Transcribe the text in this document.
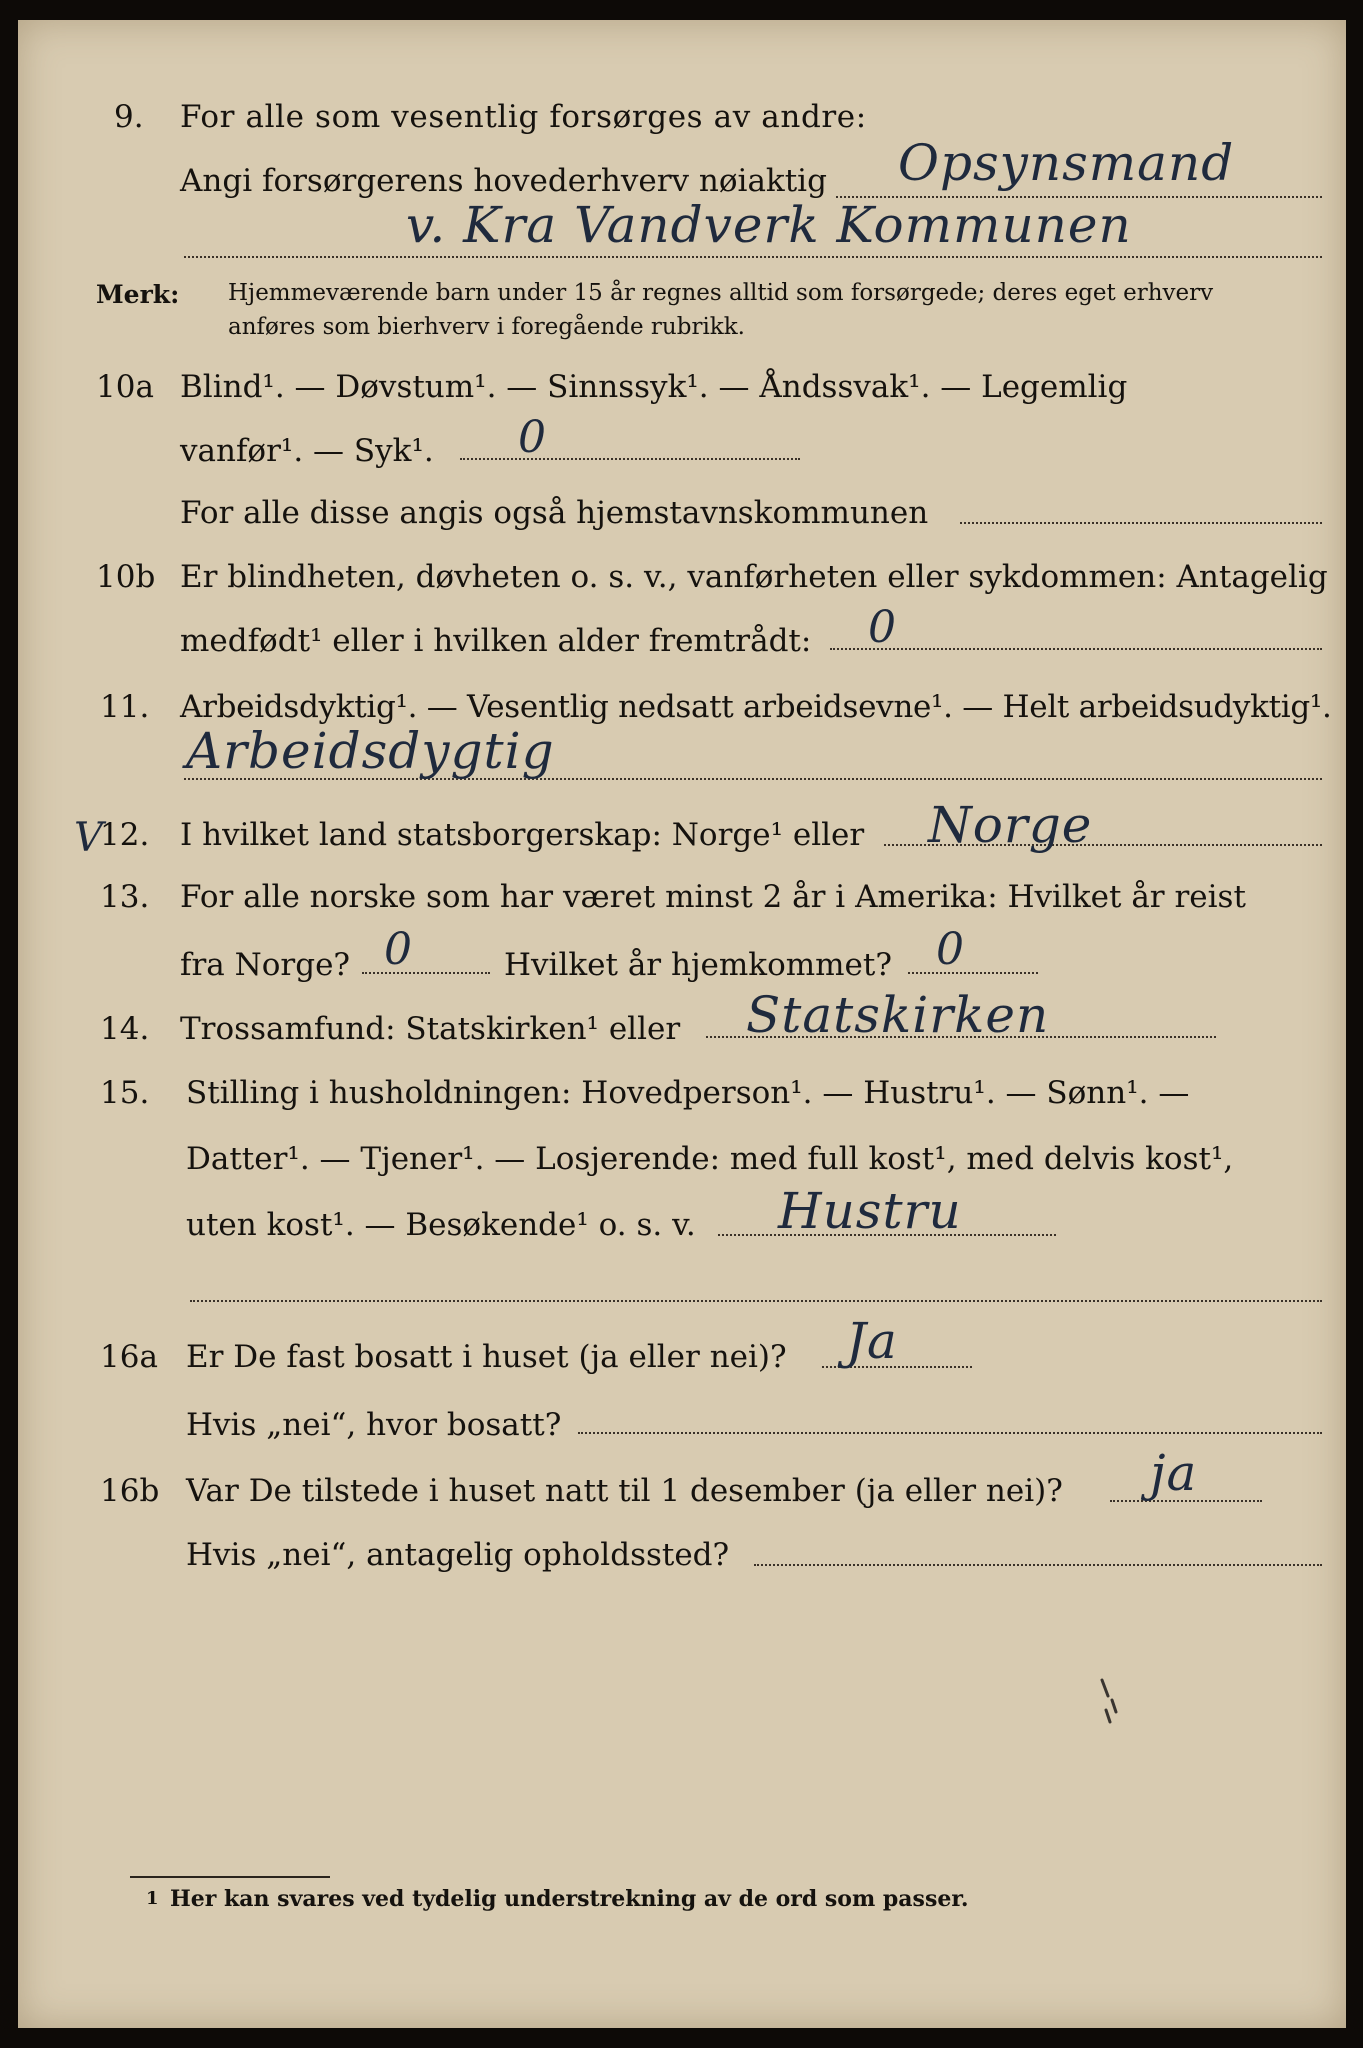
9. For alle som vesentlig forsørges av andre:
Angi forsørgerens hovederhverv nøiaktig Opsynsmand
v. Kra Vandverk Kommunen
Merk: Hjemmeværende barn under 15 år regnes alltid som forsørgede; deres eget erhverv
anføres som bierhverv i foregående rubrikk.
10a Blind¹. — Døvstum¹. — Sinnssyk¹. — Åndssvak¹. — Legemlig
vanfør¹. — Syk¹. 0
For alle disse angis også hjemstavnskommunen
10b Er blindheten, døvheten o. s. v., vanførheten eller sykdommen: Antagelig
medfødt¹ eller i hvilken alder fremtrådt: 0
11. Arbeidsdyktig¹. — Vesentlig nedsatt arbeidsevne¹. — Helt arbeidsudyktig¹.
Arbeidsdygtig
V
12. I hvilket land statsborgerskap: Norge¹ eller Norge
13. For alle norske som har været minst 2 år i Amerika: Hvilket år reist
fra Norge? 0	Hvilket år hjemkommet? 0
14. Trossamfund: Statskirken¹ eller Statskirken
15. Stilling i husholdningen: Hovedperson¹. — Hustru¹. — Sønn¹. —
Datter¹. — Tjener¹. — Losjerende: med full kost¹, med delvis kost¹,
uten kost¹. — Besøkende¹ o. s. v. Hustru
16a Er De fast bosatt i huset (ja eller nei)? Ja
Hvis „nei“, hvor bosatt?
16b Var De tilstede i huset natt til 1 desember (ja eller nei)? ja
Hvis „nei“, antagelig opholdssted?
1 Her kan svares ved tydelig understrekning av de ord som passer.
